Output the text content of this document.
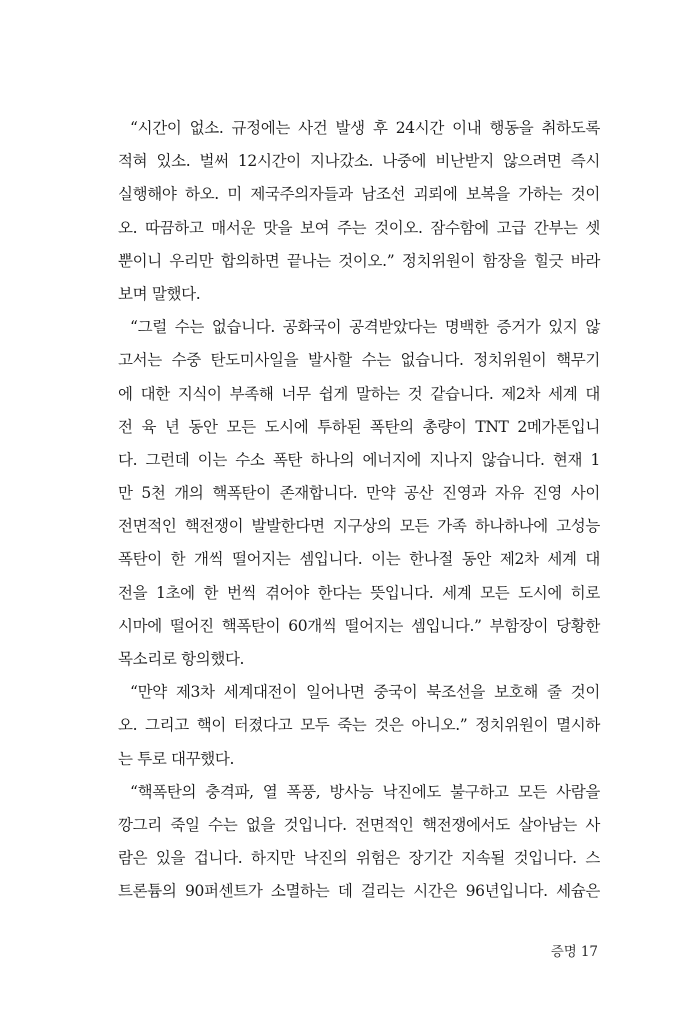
“시간이 없소. 규정에는 사건 발생 후 24시간 이내 행동을 취하도록
적혀 있소. 벌써 12시간이 지나갔소. 나중에 비난받지 않으려면 즉시
실행해야 하오. 미 제국주의자들과 남조선 괴뢰에 보복을 가하는 것이
오. 따끔하고 매서운 맛을 보여 주는 것이오. 잠수함에 고급 간부는 셋
뿐이니 우리만 합의하면 끝나는 것이오.” 정치위원이 함장을 힐긋 바라
보며 말했다.
“그럴 수는 없습니다. 공화국이 공격받았다는 명백한 증거가 있지 않
고서는 수중 탄도미사일을 발사할 수는 없습니다. 정치위원이 핵무기
에 대한 지식이 부족해 너무 쉽게 말하는 것 같습니다. 제2차 세계 대
전 육 년 동안 모든 도시에 투하된 폭탄의 총량이 TNT 2메가톤입니
다. 그런데 이는 수소 폭탄 하나의 에너지에 지나지 않습니다. 현재 1
만 5천 개의 핵폭탄이 존재합니다. 만약 공산 진영과 자유 진영 사이
전면적인 핵전쟁이 발발한다면 지구상의 모든 가족 하나하나에 고성능
폭탄이 한 개씩 떨어지는 셈입니다. 이는 한나절 동안 제2차 세계 대
전을 1초에 한 번씩 겪어야 한다는 뜻입니다. 세계 모든 도시에 히로
시마에 떨어진 핵폭탄이 60개씩 떨어지는 셈입니다.” 부함장이 당황한
목소리로 항의했다.
“만약 제3차 세계대전이 일어나면 중국이 북조선을 보호해 줄 것이
오. 그리고 핵이 터졌다고 모두 죽는 것은 아니오.” 정치위원이 멸시하
는 투로 대꾸했다.
“핵폭탄의 충격파, 열 폭풍, 방사능 낙진에도 불구하고 모든 사람을
깡그리 죽일 수는 없을 것입니다. 전면적인 핵전쟁에서도 살아남는 사
람은 있을 겁니다. 하지만 낙진의 위험은 장기간 지속될 것입니다. 스
트론튬의 90퍼센트가 소멸하는 데 걸리는 시간은 96년입니다. 세슘은
증명 17
